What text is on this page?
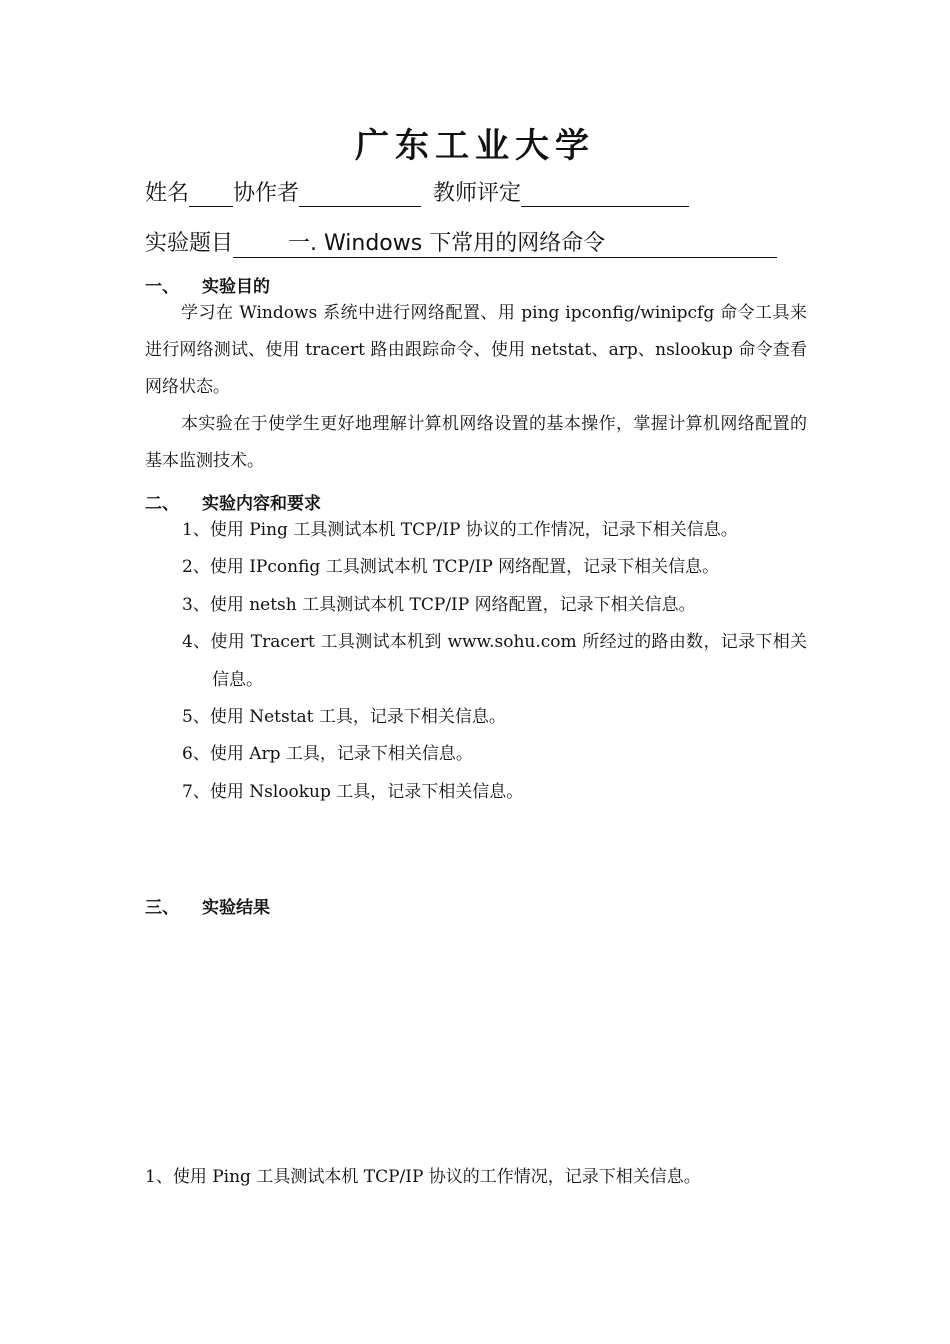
广东工业大学
姓名 协作者	教师评定
实验题目	一. Windows 下常用的网络命令
一、 实验目的

学习在 Windows 系统中进行网络配置、用 ping ipconfig/winipcfg 命令工具来进行网络测试、使用 tracert 路由跟踪命令、使用 netstat、arp、nslookup 命令查看网络状态。

本实验在于使学生更好地理解计算机网络设置的基本操作，掌握计算机网络配置的基本监测技术。

二、 实验内容和要求

1、使用 Ping 工具测试本机 TCP/IP 协议的工作情况，记录下相关信息。

2、使用 IPconfig 工具测试本机 TCP/IP 网络配置，记录下相关信息。

3、使用 netsh 工具测试本机 TCP/IP 网络配置，记录下相关信息。

4、使用 Tracert 工具测试本机到 www.sohu.com 所经过的路由数，记录下相关信息。

5、使用 Netstat 工具，记录下相关信息。

6、使用 Arp 工具，记录下相关信息。

7、使用 Nslookup 工具，记录下相关信息。

三、 实验结果
1、使用 Ping 工具测试本机 TCP/IP 协议的工作情况，记录下相关信息。
